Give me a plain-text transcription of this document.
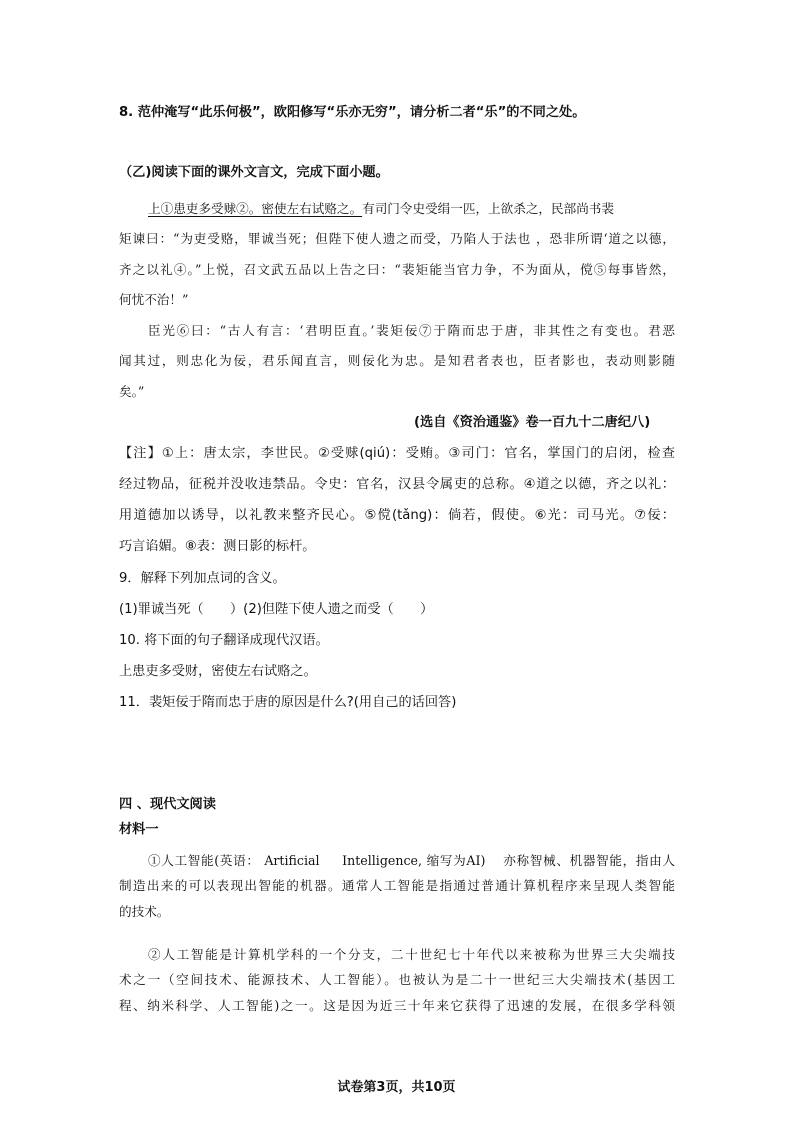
8. 范仲淹写“此乐何极”，欧阳修写“乐亦无穷”，请分析二者“乐”的不同之处。
（乙)阅读下面的课外文言文，完成下面小题。
上①患吏多受赇②。密使左右试赂之。有司门令史受绢一匹，上欲杀之，民部尚书裴
矩谏曰：“为吏受赂，罪诚当死；但陛下使人遗之而受，乃陷人于法也 ，恐非所谓‘道之以德，
齐之以礼④。”上悦，召文武五品以上告之曰：“裴矩能当官力争，不为面从，傥⑤每事皆然，
何忧不治！”
臣光⑥曰：“古人有言：‘君明臣直。’裴矩佞⑦于隋而忠于唐，非其性之有变也。君恶
闻其过，则忠化为佞，君乐闻直言，则佞化为忠。是知君者表也，臣者影也，表动则影随
矣。”
(选自《资治通鉴》卷一百九十二唐纪八)
【注】①上：唐太宗，李世民。②受赇(qiú)：受贿。③司门：官名，掌国门的启闭，检查
经过物品，征税并没收违禁品。令史：官名，汉县令属吏的总称。④道之以德，齐之以礼：
用道德加以诱导，以礼教来整齐民心。⑤傥(tǎng)：倘若，假使。⑥光：司马光。⑦佞：
巧言谄媚。⑧表：测日影的标杆。
9．解释下列加点词的含义。
(1)罪诚当死（　　）(2)但陛下使人遗之而受（　　）
10. 将下面的句子翻译成现代汉语。
上患吏多受财，密使左右试赂之。
11．裴矩佞于隋而忠于唐的原因是什么?(用自己的话回答)
四 、现代文阅读
材料一
①人工智能(英语： Artificial 　 Intelligence, 缩写为AI) 　亦称智械、机器智能，指由人
制造出来的可以表现出智能的机器。通常人工智能是指通过普通计算机程序来呈现人类智能
的技术。
②人工智能是计算机学科的一个分支，二十世纪七十年代以来被称为世界三大尖端技
术之一（空间技术、能源技术、人工智能）。也被认为是二十一世纪三大尖端技术(基因工
程、纳米科学、人工智能)之一。这是因为近三十年来它获得了迅速的发展，在很多学科领
试卷第3页，共10页
